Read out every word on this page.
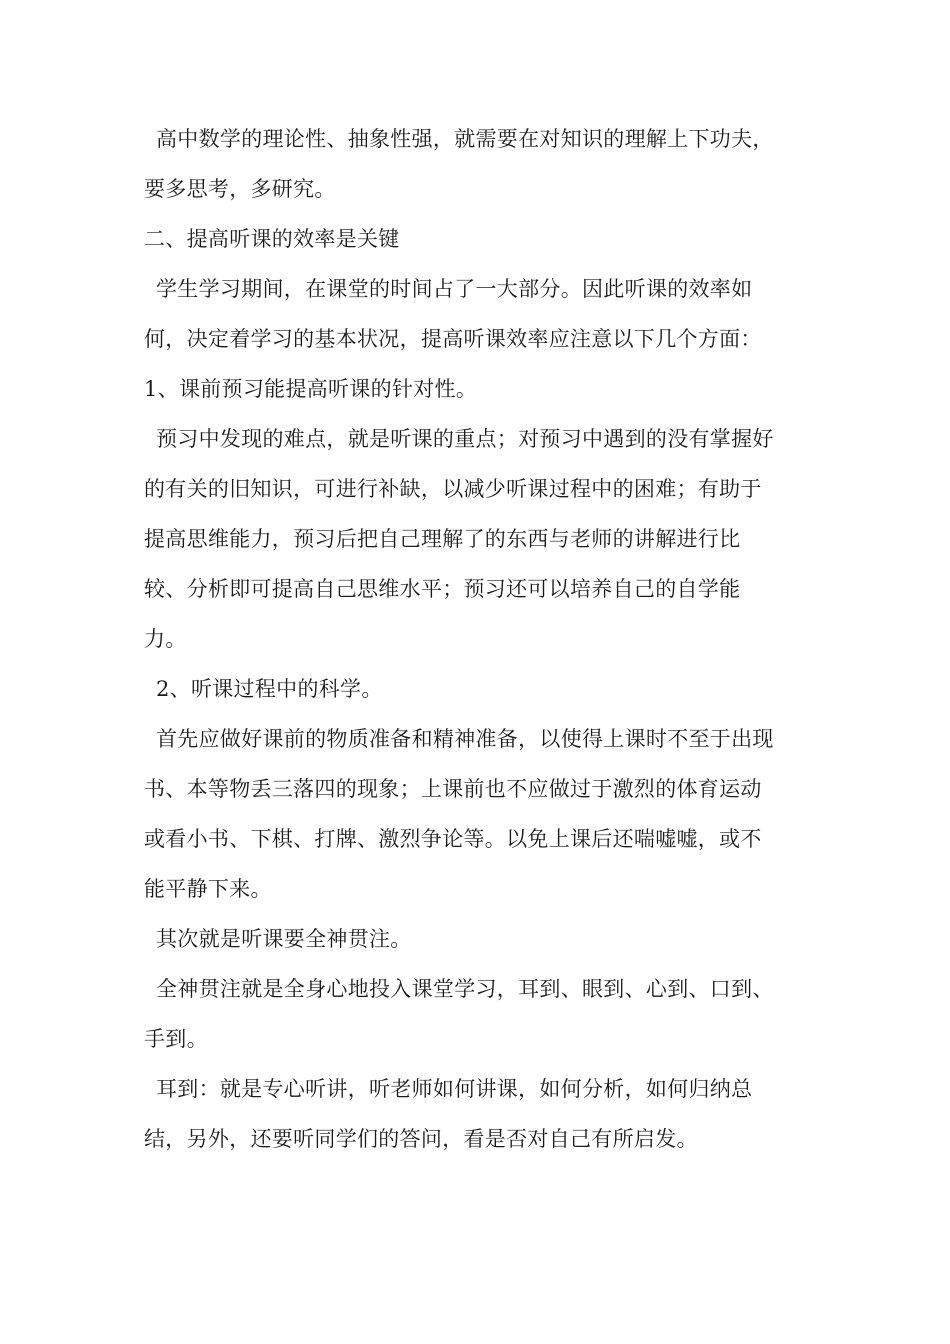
高中数学的理论性、抽象性强，就需要在对知识的理解上下功夫，
要多思考，多研究。
二、提高听课的效率是关键
学生学习期间，在课堂的时间占了一大部分。因此听课的效率如
何，决定着学习的基本状况，提高听课效率应注意以下几个方面：
1、课前预习能提高听课的针对性。
预习中发现的难点，就是听课的重点；对预习中遇到的没有掌握好
的有关的旧知识，可进行补缺，以减少听课过程中的困难；有助于
提高思维能力，预习后把自己理解了的东西与老师的讲解进行比
较、分析即可提高自己思维水平；预习还可以培养自己的自学能
力。
2、听课过程中的科学。
首先应做好课前的物质准备和精神准备，以使得上课时不至于出现
书、本等物丢三落四的现象；上课前也不应做过于激烈的体育运动
或看小书、下棋、打牌、激烈争论等。以免上课后还喘嘘嘘，或不
能平静下来。
其次就是听课要全神贯注。
全神贯注就是全身心地投入课堂学习，耳到、眼到、心到、口到、
手到。
耳到：就是专心听讲，听老师如何讲课，如何分析，如何归纳总
结，另外，还要听同学们的答问，看是否对自己有所启发。
